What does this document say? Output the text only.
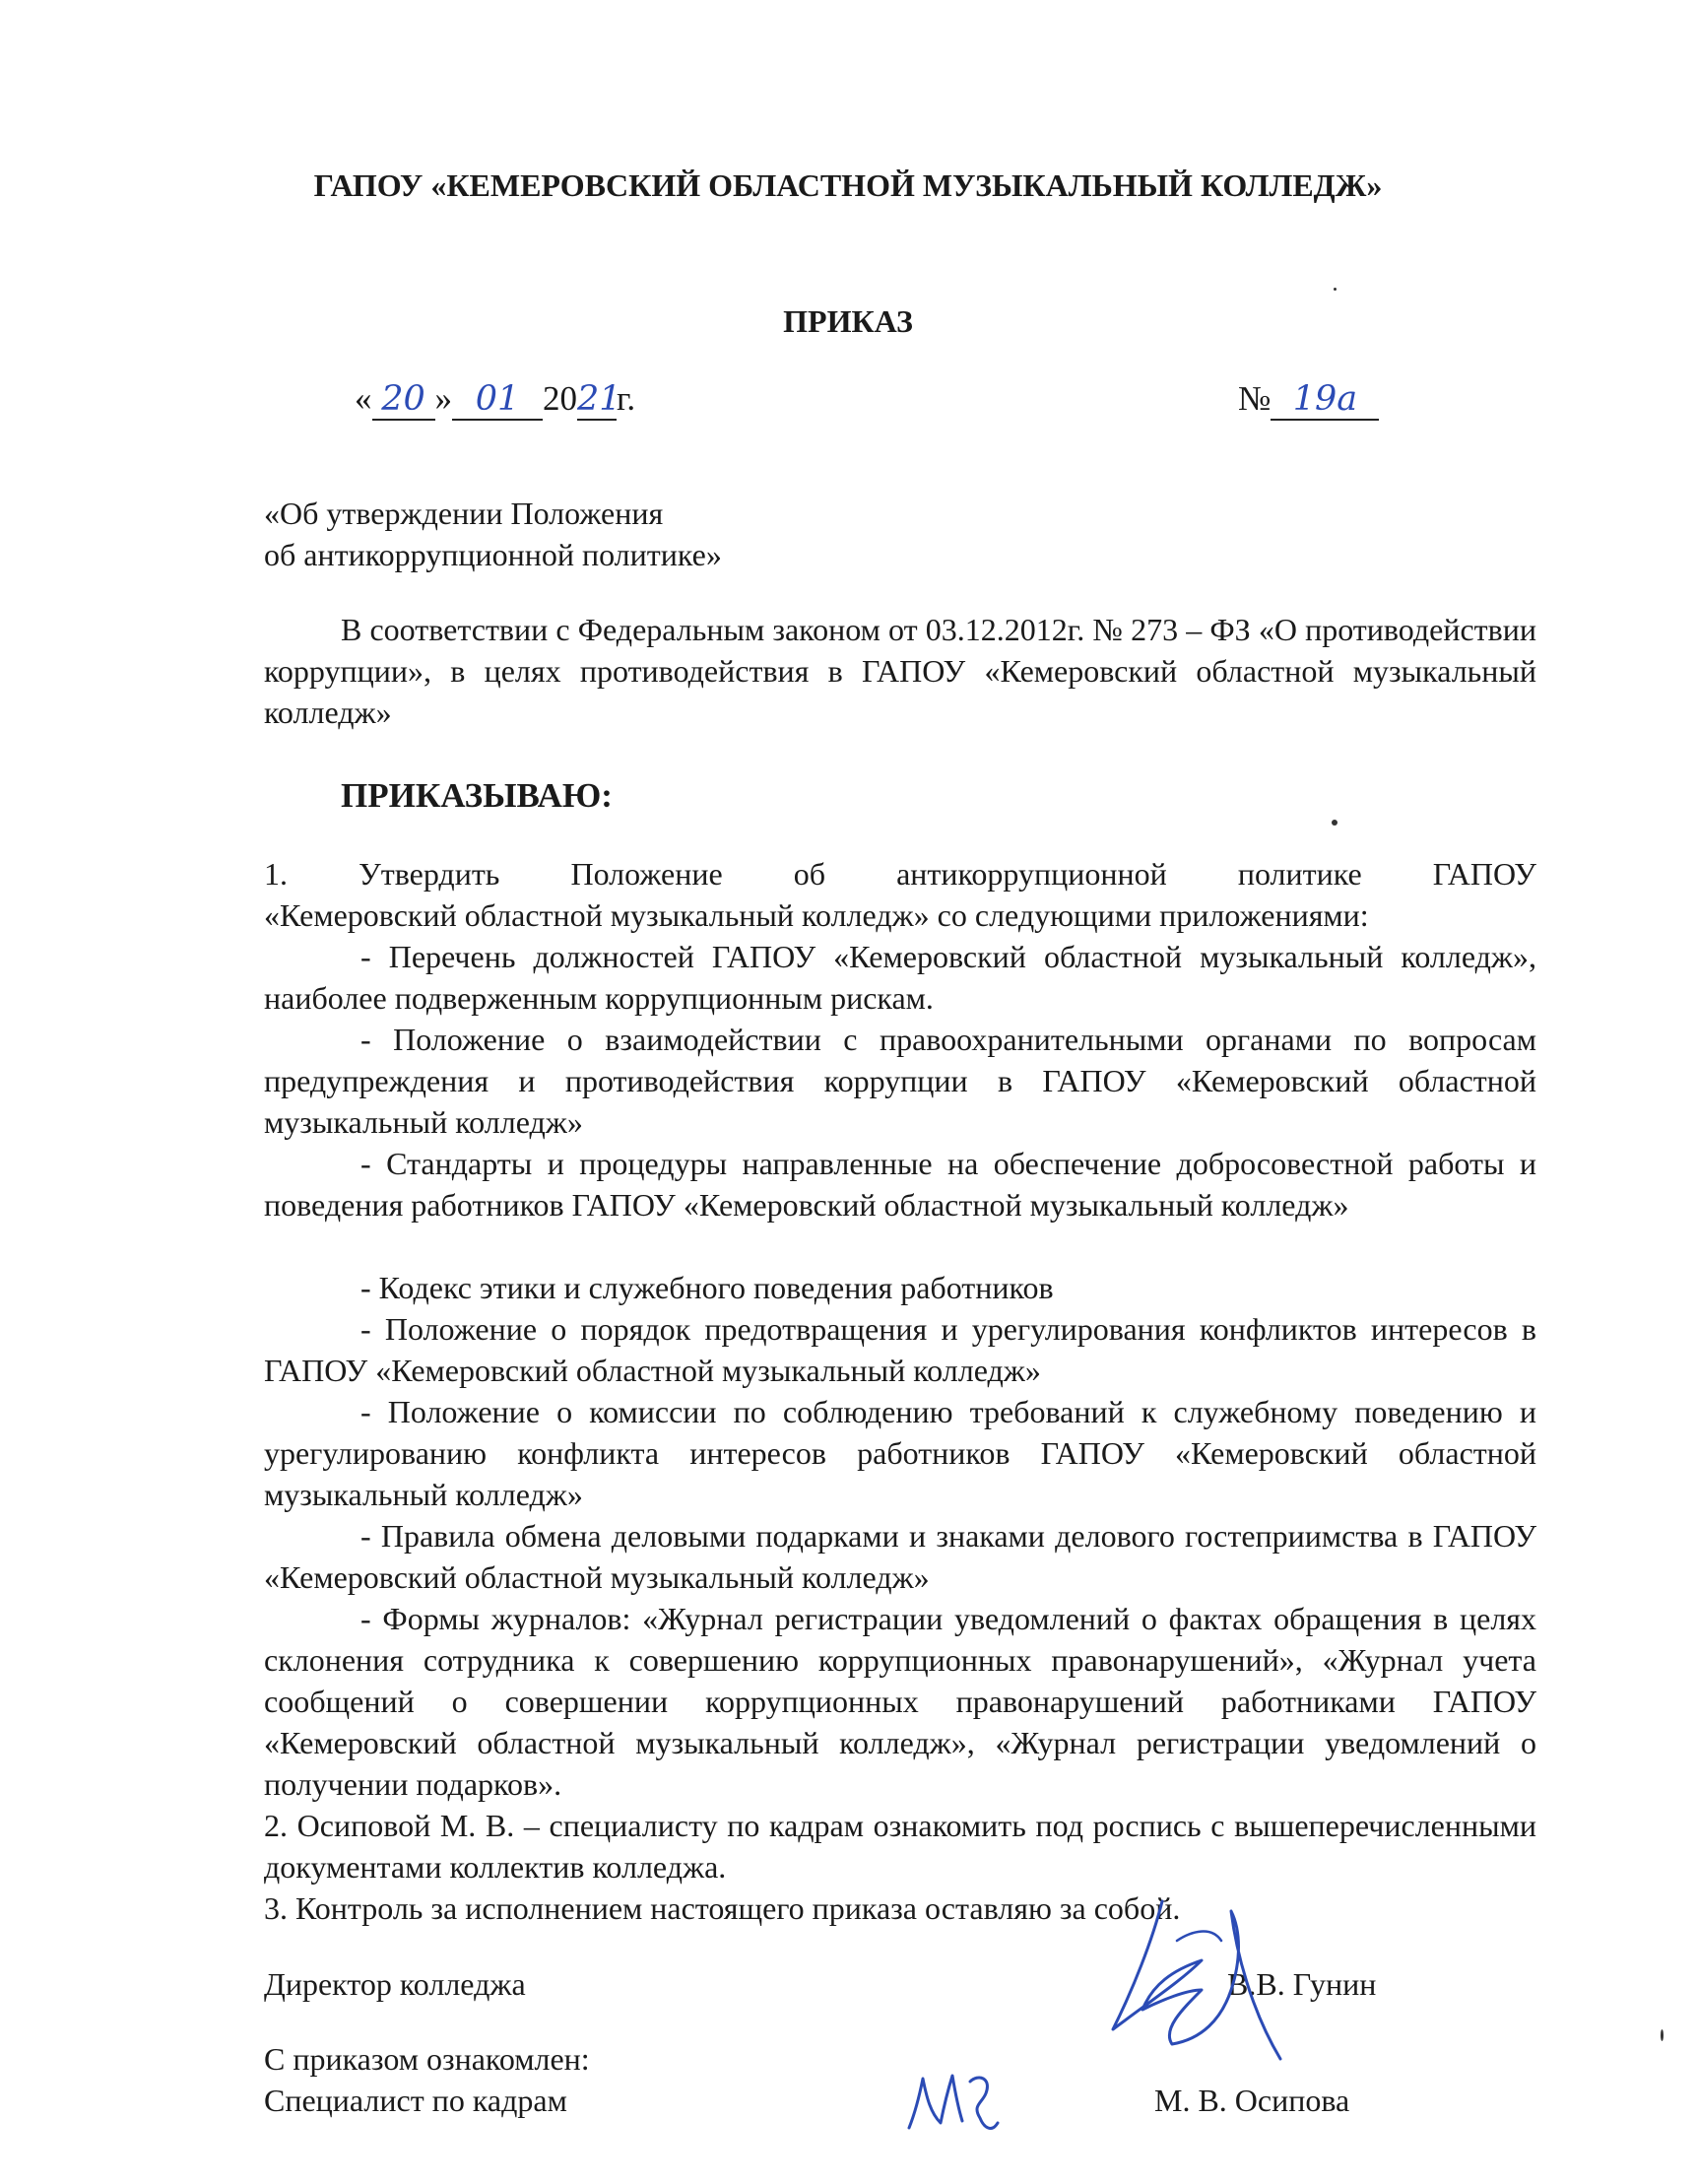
ГАПОУ «КЕМЕРОВСКИЙ ОБЛАСТНОЙ МУЗЫКАЛЬНЫЙ КОЛЛЕДЖ»
ПРИКАЗ
« 20 » 01 2021г.	№ 19а
«Об утверждении Положения
об антикоррупционной политике»
В соответствии с Федеральным законом от 03.12.2012г. № 273 – ФЗ «О противодействии коррупции», в целях противодействия в ГАПОУ «Кемеровский областной музыкальный колледж»
ПРИКАЗЫВАЮ:
1. Утвердить Положение об антикоррупционной политике ГАПОУ
«Кемеровский областной музыкальный колледж» со следующими приложениями:
- Перечень должностей ГАПОУ «Кемеровский областной музыкальный колледж», наиболее подверженным коррупционным рискам.
- Положение о взаимодействии с правоохранительными органами по вопросам предупреждения и противодействия коррупции в ГАПОУ «Кемеровский областной музыкальный колледж»
- Стандарты и процедуры направленные на обеспечение добросовестной работы и поведения работников ГАПОУ «Кемеровский областной музыкальный колледж»
- Кодекс этики и служебного поведения работников
- Положение о порядок предотвращения и урегулирования конфликтов интересов в ГАПОУ «Кемеровский областной музыкальный колледж»
- Положение о комиссии по соблюдению требований к служебному поведению и урегулированию конфликта интересов работников ГАПОУ «Кемеровский областной музыкальный колледж»
- Правила обмена деловыми подарками и знаками делового гостеприимства в ГАПОУ «Кемеровский областной музыкальный колледж»
- Формы журналов: «Журнал регистрации уведомлений о фактах обращения в целях склонения сотрудника к совершению коррупционных правонарушений», «Журнал учета сообщений о совершении коррупционных правонарушений работниками ГАПОУ «Кемеровский областной музыкальный колледж», «Журнал регистрации уведомлений о получении подарков».
2. Осиповой М. В. – специалисту по кадрам ознакомить под роспись с вышеперечисленными документами коллектив колледжа.
3. Контроль за исполнением настоящего приказа оставляю за собой.
Директор колледжа	В.В. Гунин
С приказом ознакомлен:
Специалист по кадрам	М. В. Осипова
